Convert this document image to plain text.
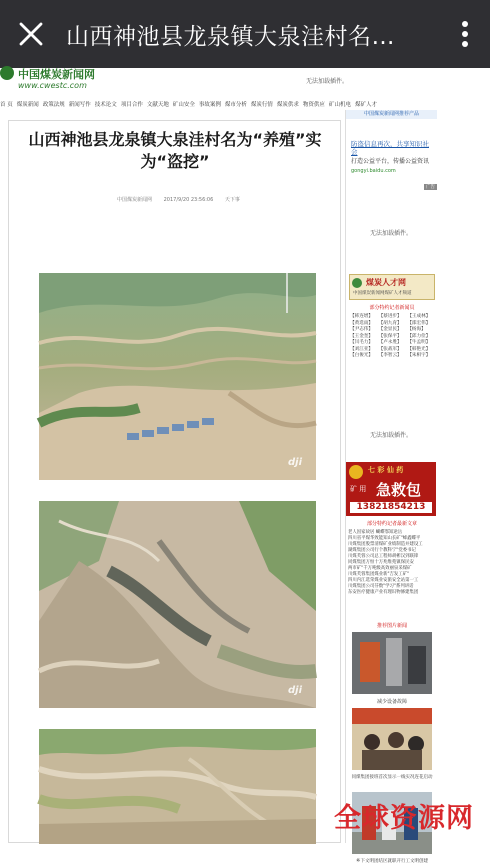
山西神池县龙泉镇大泉洼村名…
中国煤炭新闻网
www.cwestc.com	无法加载插件。
首 页 煤炭新闻 政策法规 新闻写作 技术论文 项目合作 文献天地 矿山安全 事故案例 煤市分析 煤炭行情 煤炭供求 物资供应 矿山机电 煤矿人才
山西神池县龙泉镇大泉洼村名为“养殖”实为“盗挖”
中国煤炭新闻网 2017/9/20 23:56:06 天下事
dji
dji
中国煤炭新闻网推荐产品
防盗信息再次，共享知识社会
打造公益平台，传播公益资讯
gongyi.baidu.com
广告
无法加载插件。
煤炭人才网
中国煤炭新闻网煤矿人才频道
部分特约记者新闻员
【韩连增】	【蔡进步】	【王成林】
【黄选雨】	【胡九育】	【邵宏伟】
【尹志伟】	【金显民】	【杨海】
【王金奎】	【张保平】	【邱力俭】
【闫毛力】	【卢永胜】	【牛孟明】
【刘江亚】	【张战军】	【韩艳光】
【白俊光】	【李智云】	【朱相宇】
无法加载插件。
七 彩 仙 药
矿 用 急救包
13821854213
部分特约记者最新文章
老人因家故居 蝴蝶鄂知途岳
四川省平煤华致能知山长矿"蜂鑫蝶平
川煤集团股票清煤矿业绩制造并建设工
湖煤集团公司行个教科宁"党委书记
川煤芙蓉公司总工程师胡彬汉到联锋
同煤集团万恒十万兆维苑镇保民安
两市矿"千万吨级高效丽泉采煤矿
川煤芙蓉集团煤业新"吉发工矿"
四川内江选荣煤业安旅安全站第一工
川煤集团公司芬数"学习"系列讲话
东安医疗健康产业有理识物修建集团
推荐图片新闻
减少设备故障
同煤集团接班首次显示一线实况连花启动
乡下文明团结区就职开行工文明创建
全球资源网
